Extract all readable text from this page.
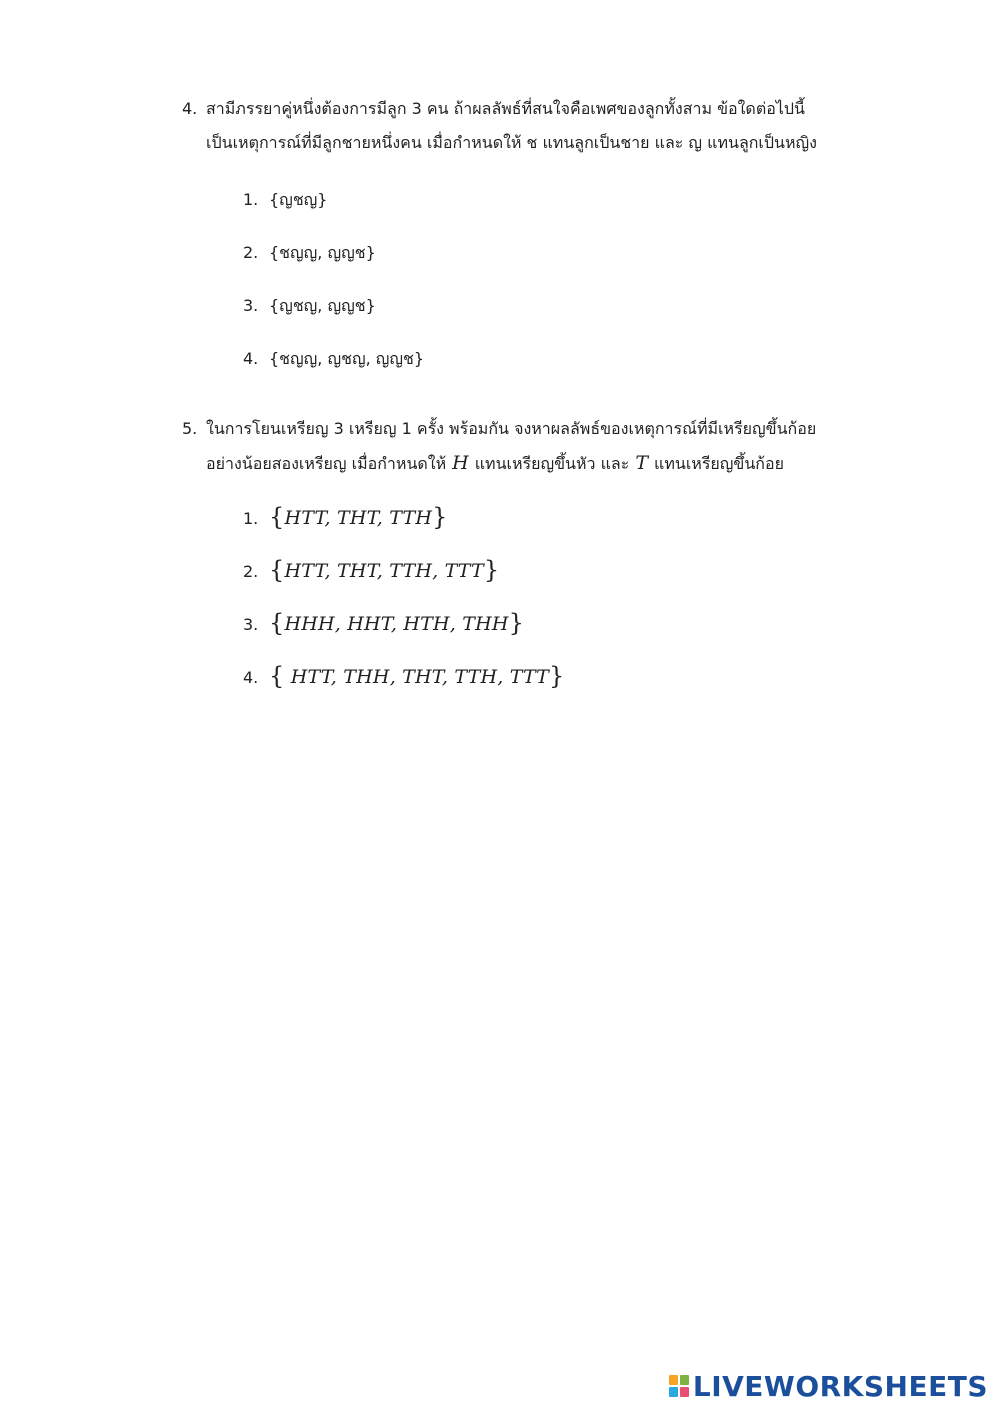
4. สามีภรรยาคู่หนึ่งต้องการมีลูก 3 คน ถ้าผลลัพธ์ที่สนใจคือเพศของลูกทั้งสาม ข้อใดต่อไปนี้
เป็นเหตุการณ์ที่มีลูกชายหนึ่งคน เมื่อกำหนดให้ ช แทนลูกเป็นชาย และ ญ แทนลูกเป็นหญิง
1. {ญชญ}
2. {ชญญ, ญญช}
3. {ญชญ, ญญช}
4. {ชญญ, ญชญ, ญญช}
5. ในการโยนเหรียญ 3 เหรียญ 1 ครั้ง พร้อมกัน จงหาผลลัพธ์ของเหตุการณ์ที่มีเหรียญขึ้นก้อย
อย่างน้อยสองเหรียญ เมื่อกำหนดให้ H แทนเหรียญขึ้นหัว และ T แทนเหรียญขึ้นก้อย
1. {HTT, THT, TTH}
2. {HTT, THT, TTH, TTT}
3. {HHH, HHT, HTH, THH}
4. { HTT, THH, THT, TTH, TTT}
LIVEWORKSHEETS
